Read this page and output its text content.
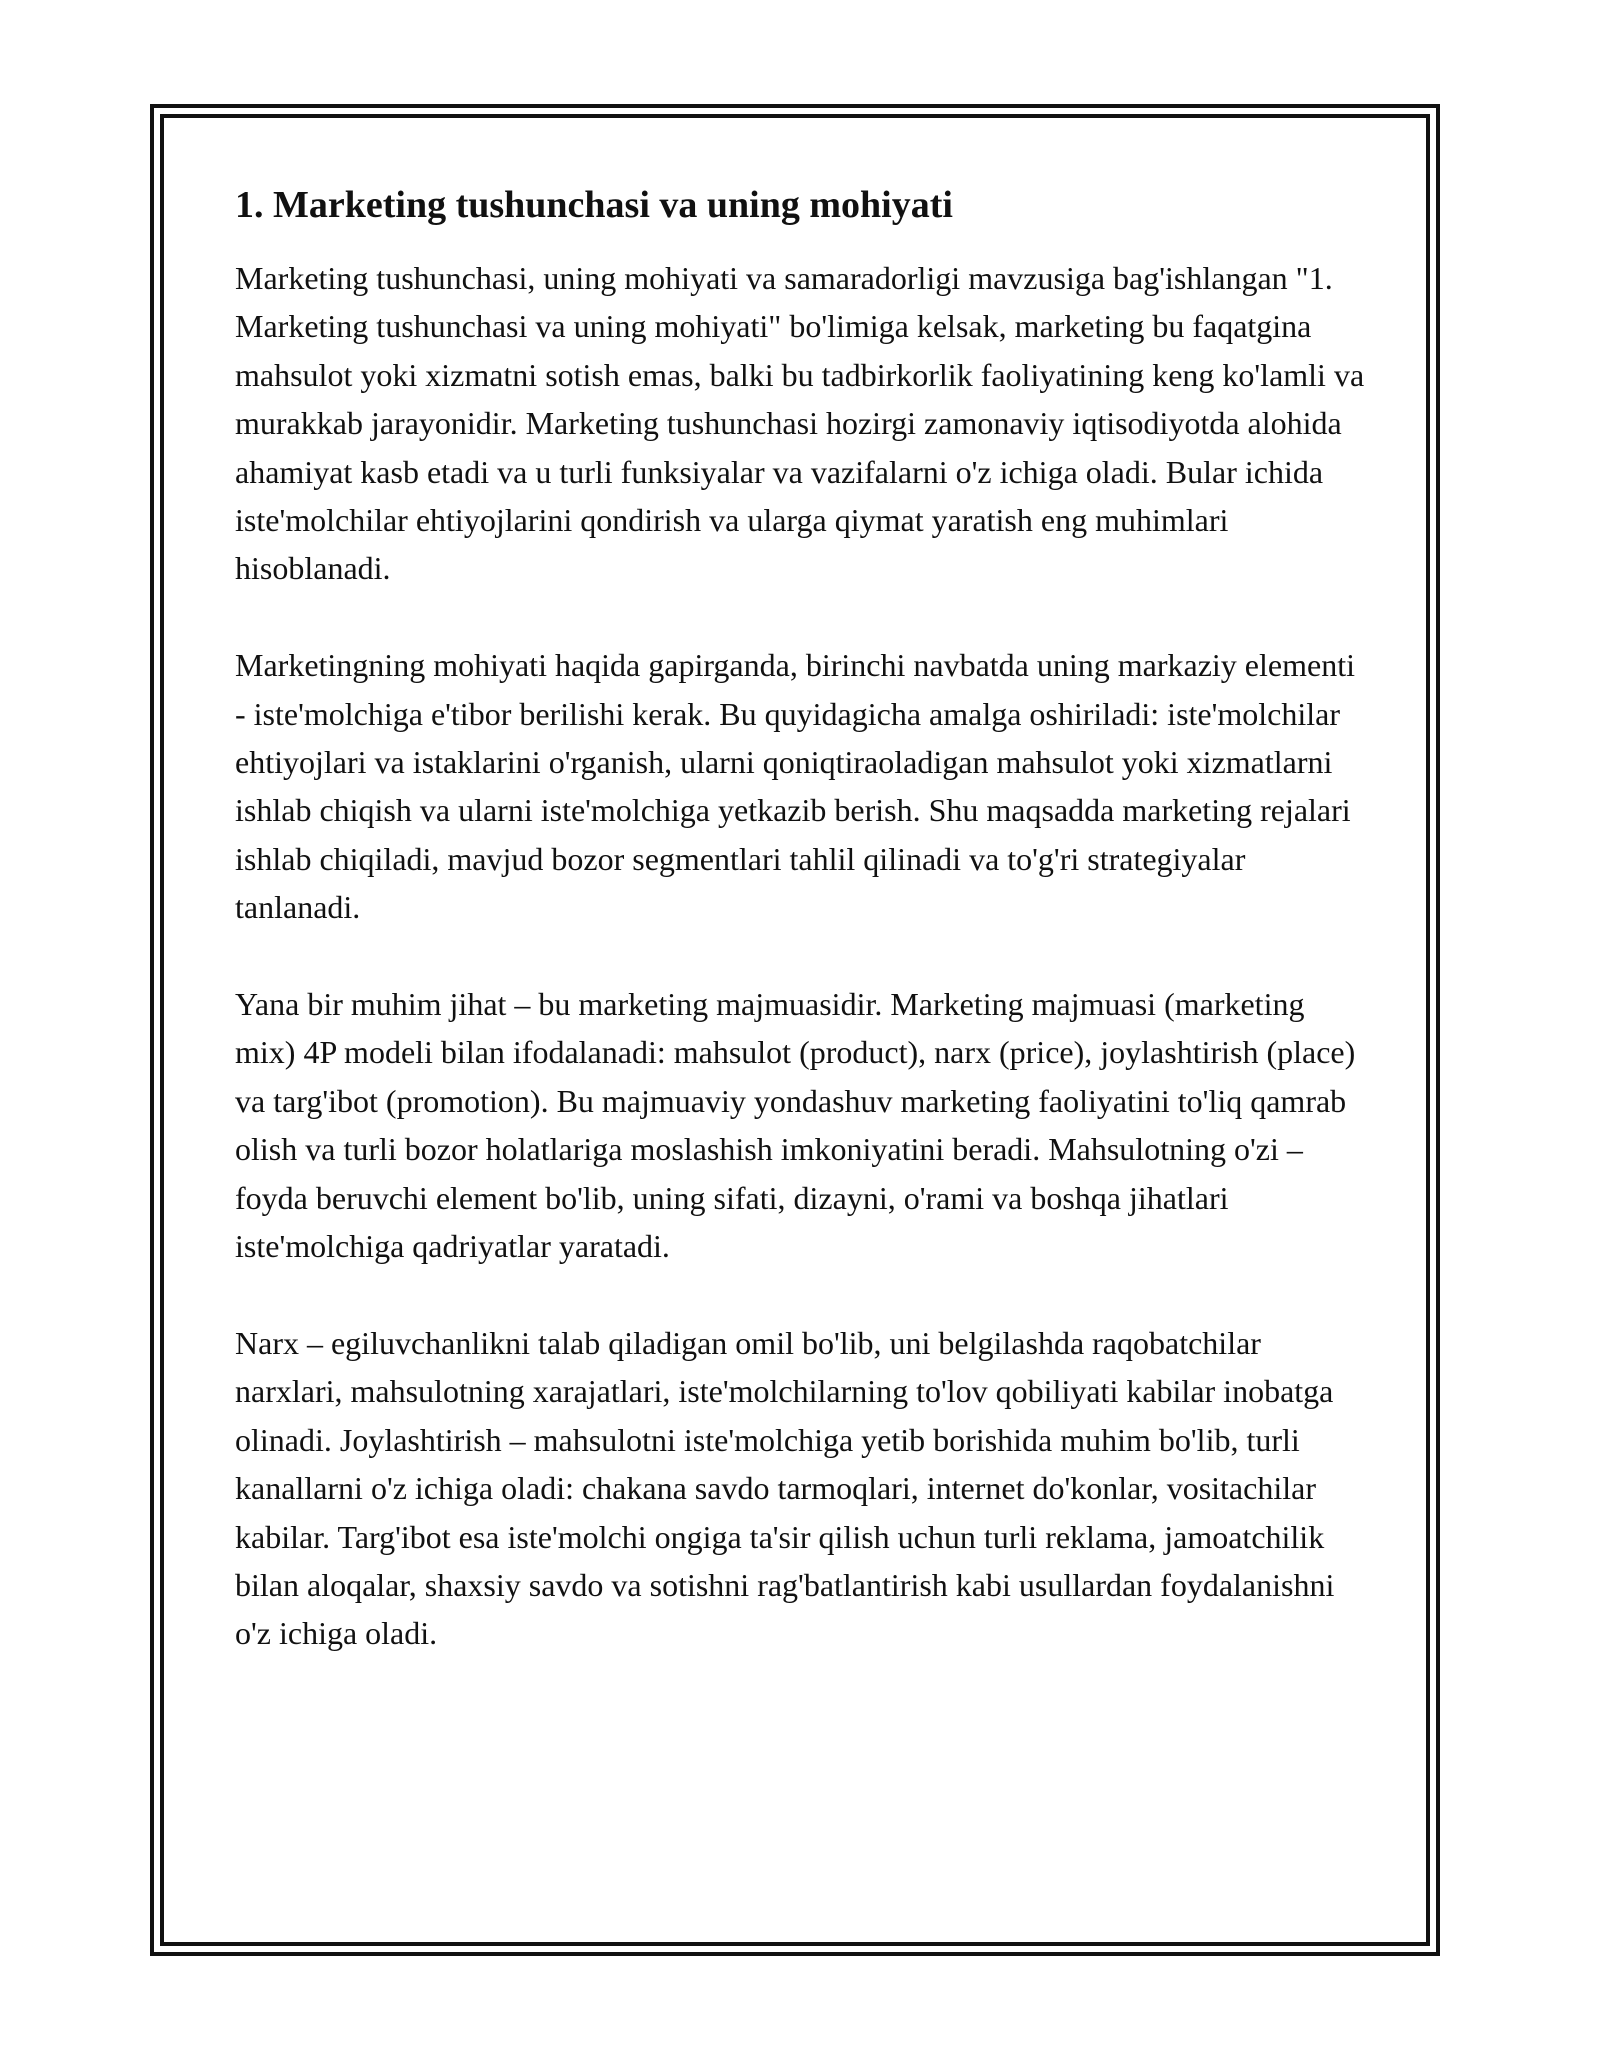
1. Marketing tushunchasi va uning mohiyati

Marketing tushunchasi, uning mohiyati va samaradorligi mavzusiga bag'ishlangan "1. Marketing tushunchasi va uning mohiyati" bo'limiga kelsak, marketing bu faqatgina mahsulot yoki xizmatni sotish emas, balki bu tadbirkorlik faoliyatining keng ko'lamli va murakkab jarayonidir. Marketing tushunchasi hozirgi zamonaviy iqtisodiyotda alohida ahamiyat kasb etadi va u turli funksiyalar va vazifalarni o'z ichiga oladi. Bular ichida iste'molchilar ehtiyojlarini qondirish va ularga qiymat yaratish eng muhimlari hisoblanadi.

Marketingning mohiyati haqida gapirganda, birinchi navbatda uning markaziy elementi - iste'molchiga e'tibor berilishi kerak. Bu quyidagicha amalga oshiriladi: iste'molchilar ehtiyojlari va istaklarini o'rganish, ularni qoniqtiraoladigan mahsulot yoki xizmatlarni ishlab chiqish va ularni iste'molchiga yetkazib berish. Shu maqsadda marketing rejalari ishlab chiqiladi, mavjud bozor segmentlari tahlil qilinadi va to'g'ri strategiyalar tanlanadi.

Yana bir muhim jihat – bu marketing majmuasidir. Marketing majmuasi (marketing mix) 4P modeli bilan ifodalanadi: mahsulot (product), narx (price), joylashtirish (place) va targ'ibot (promotion). Bu majmuaviy yondashuv marketing faoliyatini to'liq qamrab olish va turli bozor holatlariga moslashish imkoniyatini beradi. Mahsulotning o'zi – foyda beruvchi element bo'lib, uning sifati, dizayni, o'rami va boshqa jihatlari iste'molchiga qadriyatlar yaratadi.

Narx – egiluvchanlikni talab qiladigan omil bo'lib, uni belgilashda raqobatchilar narxlari, mahsulotning xarajatlari, iste'molchilarning to'lov qobiliyati kabilar inobatga olinadi. Joylashtirish – mahsulotni iste'molchiga yetib borishida muhim bo'lib, turli kanallarni o'z ichiga oladi: chakana savdo tarmoqlari, internet do'konlar, vositachilar kabilar. Targ'ibot esa iste'molchi ongiga ta'sir qilish uchun turli reklama, jamoatchilik bilan aloqalar, shaxsiy savdo va sotishni rag'batlantirish kabi usullardan foydalanishni o'z ichiga oladi.
